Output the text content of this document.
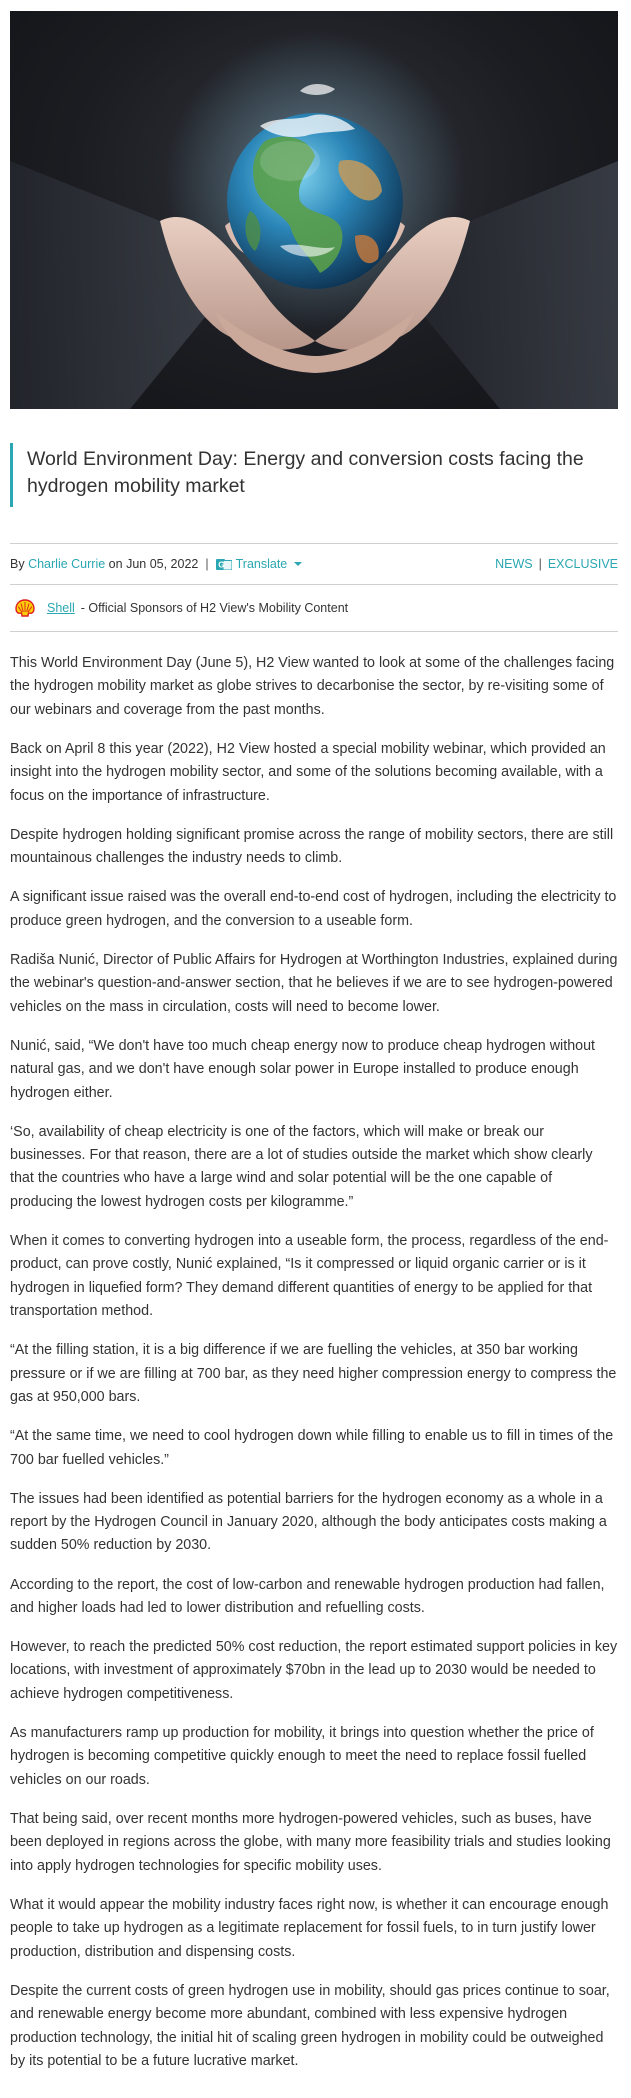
World Environment Day: Energy and conversion costs facing the hydrogen mobility market
By
Charlie Currie
on
Jun 05, 2022 | G Translate	NEWS | EXCLUSIVE
Shell - Official Sponsors of H2 View's Mobility Content

This World Environment Day (June 5), H2 View wanted to look at some of the challenges facing the hydrogen mobility market as globe strives to decarbonise the sector, by re-visiting some of our webinars and coverage from the past months.

Back on April 8 this year (2022), H2 View hosted a special mobility webinar, which provided an insight into the hydrogen mobility sector, and some of the solutions becoming available, with a focus on the importance of infrastructure.

Despite hydrogen holding significant promise across the range of mobility sectors, there are still mountainous challenges the industry needs to climb.

A significant issue raised was the overall end-to-end cost of hydrogen, including the electricity to produce green hydrogen, and the conversion to a useable form.

Radiša Nunić, Director of Public Affairs for Hydrogen at Worthington Industries, explained during the webinar's question-and-answer section, that he believes if we are to see hydrogen-powered vehicles on the mass in circulation, costs will need to become lower.

Nunić, said, “We don't have too much cheap energy now to produce cheap hydrogen without natural gas, and we don't have enough solar power in Europe installed to produce enough hydrogen either.

‘So, availability of cheap electricity is one of the factors, which will make or break our businesses. For that reason, there are a lot of studies outside the market which show clearly that the countries who have a large wind and solar potential will be the one capable of producing the lowest hydrogen costs per kilogramme.”

When it comes to converting hydrogen into a useable form, the process, regardless of the end-product, can prove costly, Nunić explained, “Is it compressed or liquid organic carrier or is it hydrogen in liquefied form? They demand different quantities of energy to be applied for that transportation method.

“At the filling station, it is a big difference if we are fuelling the vehicles, at 350 bar working pressure or if we are filling at 700 bar, as they need higher compression energy to compress the gas at 950,000 bars.

“At the same time, we need to cool hydrogen down while filling to enable us to fill in times of the 700 bar fuelled vehicles.”

The issues had been identified as potential barriers for the hydrogen economy as a whole in a report by the Hydrogen Council in January 2020, although the body anticipates costs making a sudden 50% reduction by 2030.

According to the report, the cost of low-carbon and renewable hydrogen production had fallen, and higher loads had led to lower distribution and refuelling costs.

However, to reach the predicted 50% cost reduction, the report estimated support policies in key locations, with investment of approximately $70bn in the lead up to 2030 would be needed to achieve hydrogen competitiveness.

As manufacturers ramp up production for mobility, it brings into question whether the price of hydrogen is becoming competitive quickly enough to meet the need to replace fossil fuelled vehicles on our roads.

That being said, over recent months more hydrogen-powered vehicles, such as buses, have been deployed in regions across the globe, with many more feasibility trials and studies looking into apply hydrogen technologies for specific mobility uses.

What it would appear the mobility industry faces right now, is whether it can encourage enough people to take up hydrogen as a legitimate replacement for fossil fuels, to in turn justify lower production, distribution and dispensing costs.

Despite the current costs of green hydrogen use in mobility, should gas prices continue to soar, and renewable energy become more abundant, combined with less expensive hydrogen production technology, the initial hit of scaling green hydrogen in mobility could be outweighed by its potential to be a future lucrative market.
